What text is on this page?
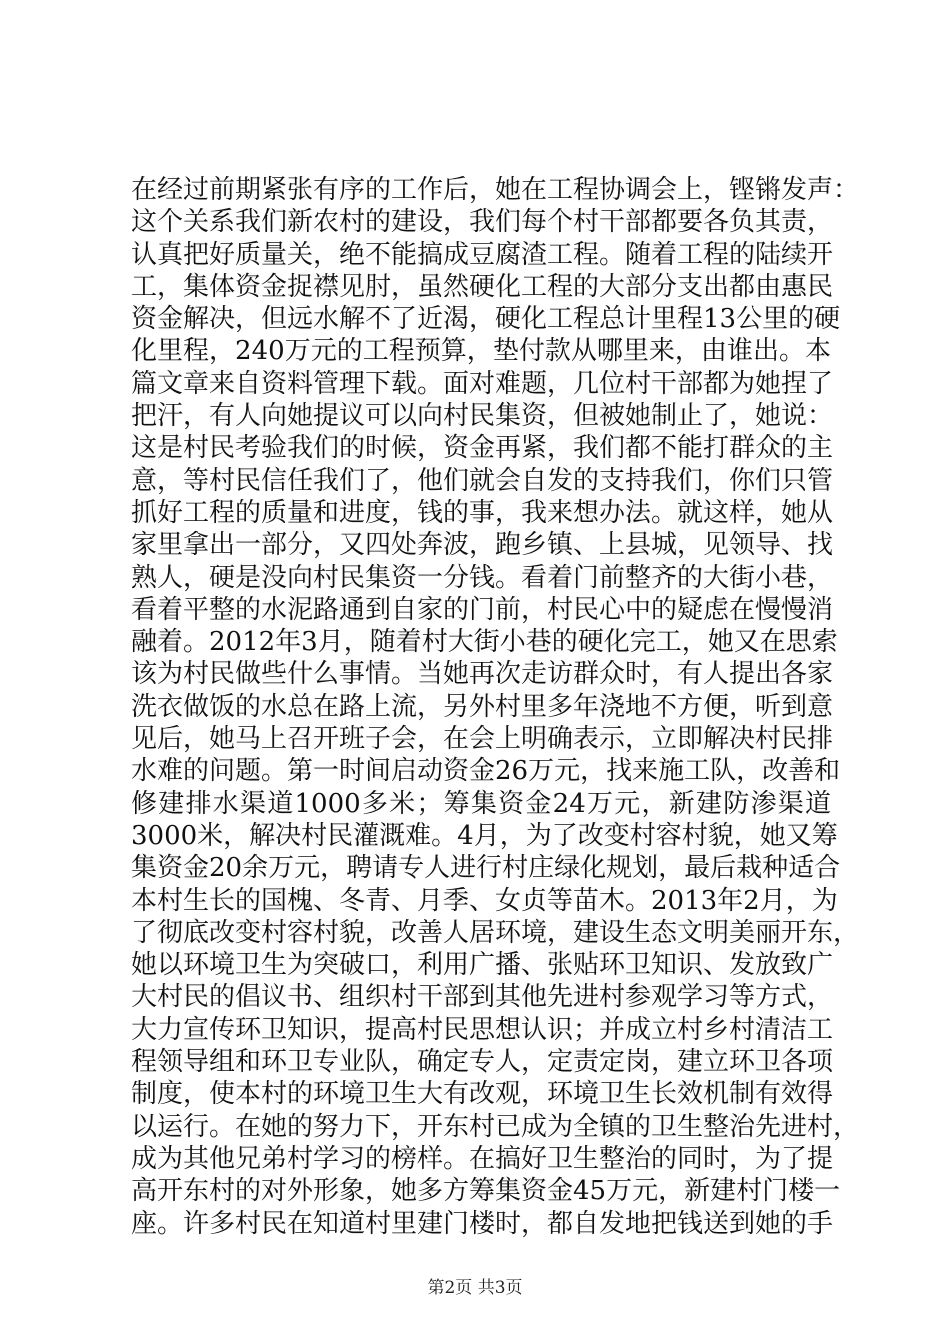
在经过前期紧张有序的工作后，她在工程协调会上，铿锵发声：
这个关系我们新农村的建设，我们每个村干部都要各负其责，
认真把好质量关，绝不能搞成豆腐渣工程。随着工程的陆续开
工，集体资金捉襟见肘，虽然硬化工程的大部分支出都由惠民
资金解决，但远水解不了近渴，硬化工程总计里程13公里的硬
化里程，240万元的工程预算，垫付款从哪里来，由谁出。本
篇文章来自资料管理下载。面对难题，几位村干部都为她捏了
把汗，有人向她提议可以向村民集资，但被她制止了，她说：
这是村民考验我们的时候，资金再紧，我们都不能打群众的主
意，等村民信任我们了，他们就会自发的支持我们，你们只管
抓好工程的质量和进度，钱的事，我来想办法。就这样，她从
家里拿出一部分，又四处奔波，跑乡镇、上县城，见领导、找
熟人，硬是没向村民集资一分钱。看着门前整齐的大街小巷，
看着平整的水泥路通到自家的门前，村民心中的疑虑在慢慢消
融着。2012年3月，随着村大街小巷的硬化完工，她又在思索
该为村民做些什么事情。当她再次走访群众时，有人提出各家
洗衣做饭的水总在路上流，另外村里多年浇地不方便，听到意
见后，她马上召开班子会，在会上明确表示，立即解决村民排
水难的问题。第一时间启动资金26万元，找来施工队，改善和
修建排水渠道1000多米；筹集资金24万元，新建防渗渠道
3000米，解决村民灌溉难。4月，为了改变村容村貌，她又筹
集资金20余万元，聘请专人进行村庄绿化规划，最后栽种适合
本村生长的国槐、冬青、月季、女贞等苗木。2013年2月，为
了彻底改变村容村貌，改善人居环境，建设生态文明美丽开东，
她以环境卫生为突破口，利用广播、张贴环卫知识、发放致广
大村民的倡议书、组织村干部到其他先进村参观学习等方式，
大力宣传环卫知识，提高村民思想认识；并成立村乡村清洁工
程领导组和环卫专业队，确定专人，定责定岗，建立环卫各项
制度，使本村的环境卫生大有改观，环境卫生长效机制有效得
以运行。在她的努力下，开东村已成为全镇的卫生整治先进村，
成为其他兄弟村学习的榜样。在搞好卫生整治的同时，为了提
高开东村的对外形象，她多方筹集资金45万元，新建村门楼一
座。许多村民在知道村里建门楼时，都自发地把钱送到她的手
第2页 共3页
